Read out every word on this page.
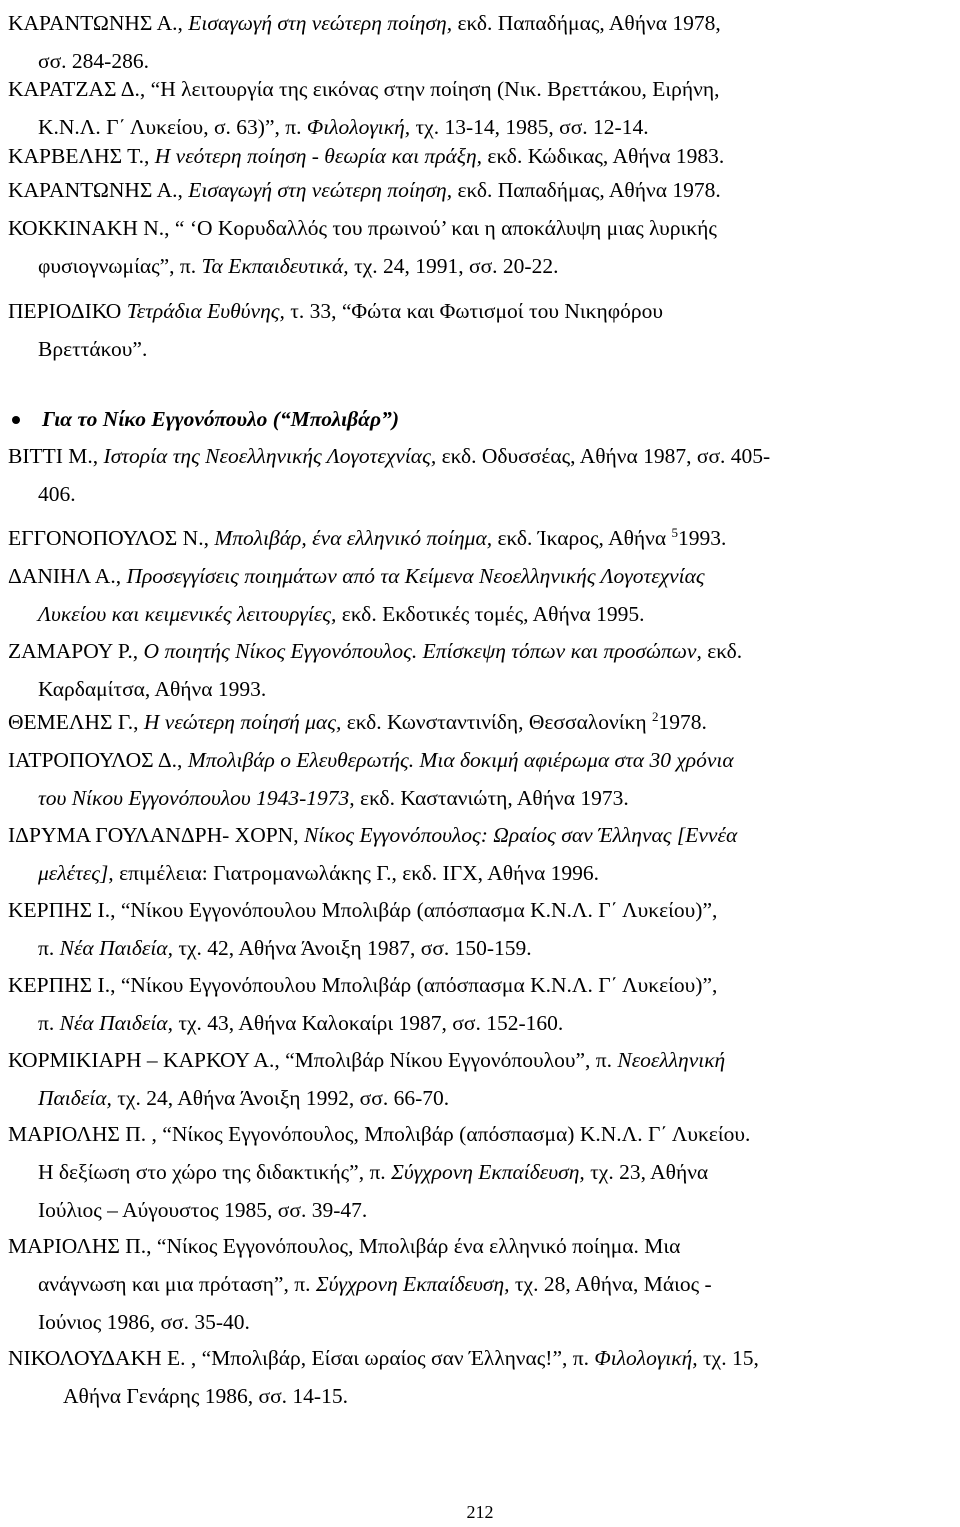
ΚΑΡΑΝΤΩΝΗΣ Α., Εισαγωγή στη νεώτερη ποίηση, εκδ. Παπαδήμας, Αθήνα 1978,
σσ. 284-286.
ΚΑΡΑΤΖΑΣ Δ., “Η λειτουργία της εικόνας στην ποίηση (Νικ. Βρεττάκου, Ειρήνη,
Κ.Ν.Λ. Γ΄ Λυκείου, σ. 63)”, π. Φιλολογική, τχ. 13-14, 1985, σσ. 12-14.
ΚΑΡΒΕΛΗΣ Τ., Η νεότερη ποίηση - θεωρία και πράξη, εκδ. Κώδικας, Αθήνα 1983.
ΚΑΡΑΝΤΩΝΗΣ Α., Εισαγωγή στη νεώτερη ποίηση, εκδ. Παπαδήμας, Αθήνα 1978.
ΚΟΚΚΙΝΑΚΗ Ν., “ ‘Ο Κορυδαλλός του πρωινού’ και η αποκάλυψη μιας λυρικής
φυσιογνωμίας”, π. Τα Εκπαιδευτικά, τχ. 24, 1991, σσ. 20-22.
ΠΕΡΙΟΔΙΚΟ Τετράδια Ευθύνης, τ. 33, “Φώτα και Φωτισμοί του Νικηφόρου
Βρεττάκου”.
Για το Νίκο Εγγονόπουλο (“Μπολιβάρ”)
ΒΙΤΤΙ Μ., Ιστορία της Νεοελληνικής Λογοτεχνίας, εκδ. Οδυσσέας, Αθήνα 1987, σσ. 405-
406.
ΕΓΓΟΝΟΠΟΥΛΟΣ Ν., Μπολιβάρ, ένα ελληνικό ποίημα, εκδ. Ίκαρος, Αθήνα $^5$1993.
ΔΑΝΙΗΛ Α., Προσεγγίσεις ποιημάτων από τα Κείμενα Νεοελληνικής Λογοτεχνίας
Λυκείου και κειμενικές λειτουργίες, εκδ. Εκδοτικές τομές, Αθήνα 1995.
ΖΑΜΑΡΟΥ Ρ., Ο ποιητής Νίκος Εγγονόπουλος. Επίσκεψη τόπων και προσώπων, εκδ.
Καρδαμίτσα, Αθήνα 1993.
ΘΕΜΕΛΗΣ Γ., Η νεώτερη ποίησή μας, εκδ. Κωνσταντινίδη, Θεσσαλονίκη $^2$1978.
ΙΑΤΡΟΠΟΥΛΟΣ Δ., Μπολιβάρ ο Ελευθερωτής. Μια δοκιμή αφιέρωμα στα 30 χρόνια
του Νίκου Εγγονόπουλου 1943-1973, εκδ. Καστανιώτη, Αθήνα 1973.
ΙΔΡΥΜΑ ΓΟΥΛΑΝΔΡΗ- ΧΟΡΝ, Νίκος Εγγονόπουλος: Ωραίος σαν Έλληνας [Εννέα
μελέτες], επιμέλεια: Γιατρομανωλάκης Γ., εκδ. ΙΓΧ, Αθήνα 1996.
ΚΕΡΠΗΣ Ι., “Νίκου Εγγονόπουλου Μπολιβάρ (απόσπασμα Κ.Ν.Λ. Γ΄ Λυκείου)”,
π. Νέα Παιδεία, τχ. 42, Αθήνα Άνοιξη 1987, σσ. 150-159.
ΚΕΡΠΗΣ Ι., “Νίκου Εγγονόπουλου Μπολιβάρ (απόσπασμα Κ.Ν.Λ. Γ΄ Λυκείου)”,
π. Νέα Παιδεία, τχ. 43, Αθήνα Καλοκαίρι 1987, σσ. 152-160.
ΚΟΡΜΙΚΙΑΡΗ – ΚΑΡΚΟΥ Α., “Μπολιβάρ Νίκου Εγγονόπουλου”, π. Νεοελληνική
Παιδεία, τχ. 24, Αθήνα Άνοιξη 1992, σσ. 66-70.
ΜΑΡΙΟΛΗΣ Π. , “Νίκος Εγγονόπουλος, Μπολιβάρ (απόσπασμα) Κ.Ν.Λ. Γ΄ Λυκείου.
Η δεξίωση στο χώρο της διδακτικής”, π. Σύγχρονη Εκπαίδευση, τχ. 23, Αθήνα
Ιούλιος – Αύγουστος 1985, σσ. 39-47.
ΜΑΡΙΟΛΗΣ Π., “Νίκος Εγγονόπουλος, Μπολιβάρ ένα ελληνικό ποίημα. Μια
ανάγνωση και μια πρόταση”, π. Σύγχρονη Εκπαίδευση, τχ. 28, Αθήνα, Μάιος -
Ιούνιος 1986, σσ. 35-40.
ΝΙΚΟΛΟΥΔΑΚΗ Ε. , “Μπολιβάρ, Είσαι ωραίος σαν Έλληνας!”, π. Φιλολογική, τχ. 15,
Αθήνα Γενάρης 1986, σσ. 14-15.
212
